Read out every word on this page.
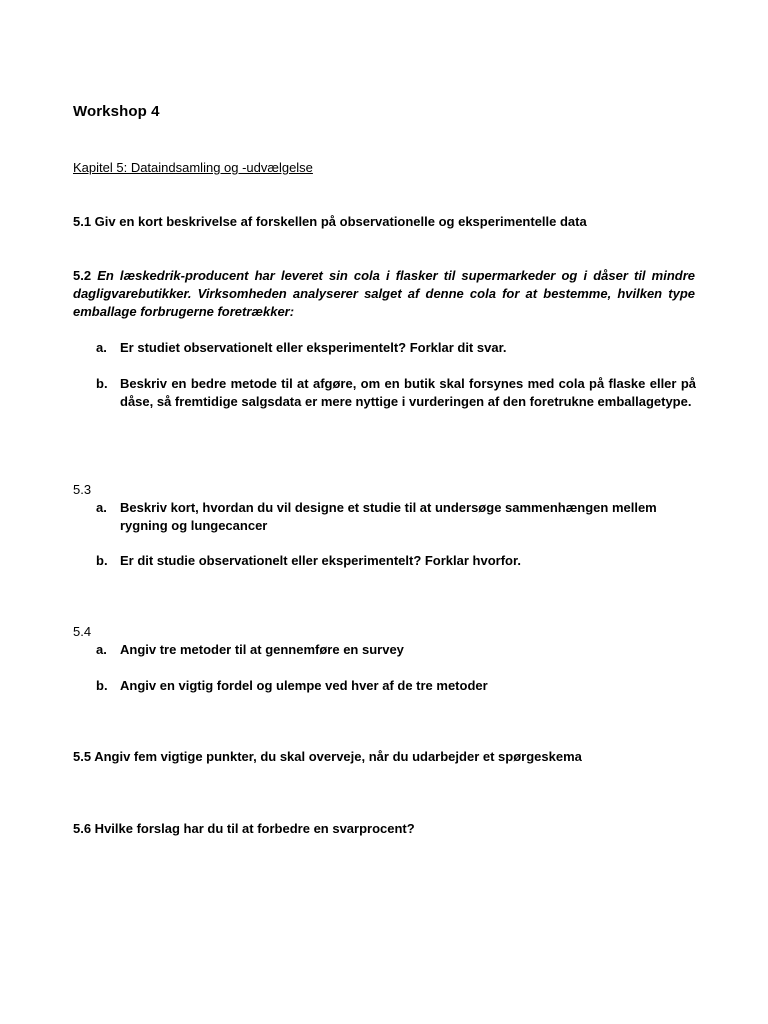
Workshop 4

Kapitel 5: Dataindsamling og -udvælgelse

5.1 Giv en kort beskrivelse af forskellen på observationelle og eksperimentelle data

5.2 En læskedrik-producent har leveret sin cola i flasker til supermarkeder og i dåser til mindre dagligvarebutikker. Virksomheden analyserer salget af denne cola for at bestemme, hvilken type emballage forbrugerne foretrækker:

a. Er studiet observationelt eller eksperimentelt? Forklar dit svar.
b. Beskriv en bedre metode til at afgøre, om en butik skal forsynes med cola på flaske eller på dåse, så fremtidige salgsdata er mere nyttige i vurderingen af den foretrukne emballagetype.

5.3

a. Beskriv kort, hvordan du vil designe et studie til at undersøge sammenhængen mellem rygning og lungecancer
b. Er dit studie observationelt eller eksperimentelt? Forklar hvorfor.

5.4

a. Angiv tre metoder til at gennemføre en survey
b. Angiv en vigtig fordel og ulempe ved hver af de tre metoder

5.5 Angiv fem vigtige punkter, du skal overveje, når du udarbejder et spørgeskema

5.6 Hvilke forslag har du til at forbedre en svarprocent?
